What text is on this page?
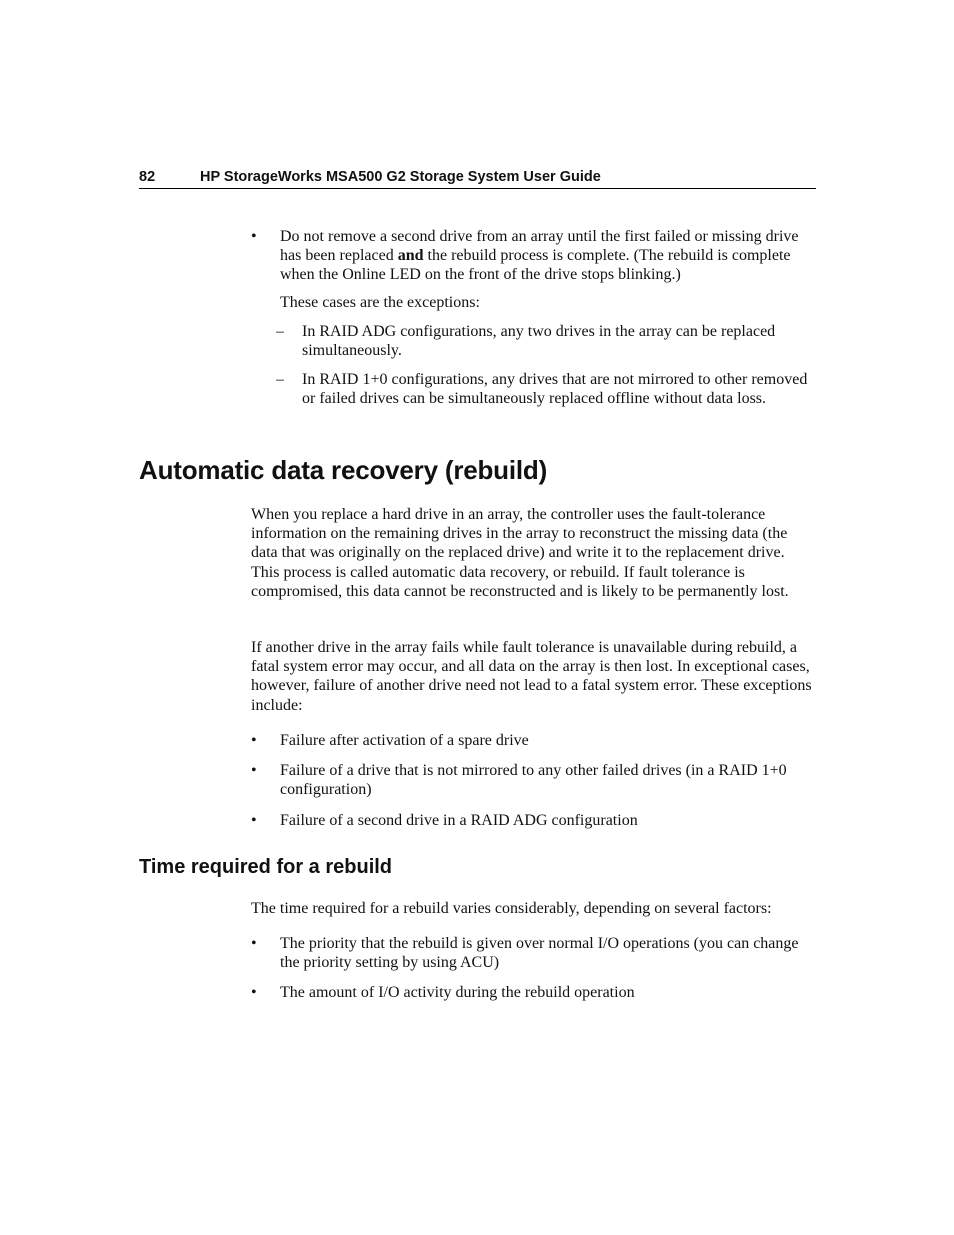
82	HP StorageWorks MSA500 G2 Storage System User Guide
• Do not remove a second drive from an array until the first failed or missing drive has been replaced and the rebuild process is complete. (The rebuild is complete when the Online LED on the front of the drive stops blinking.)
These cases are the exceptions:
– In RAID ADG configurations, any two drives in the array can be replaced simultaneously.
– In RAID 1+0 configurations, any drives that are not mirrored to other removed or failed drives can be simultaneously replaced offline without data loss.
Automatic data recovery (rebuild)

When you replace a hard drive in an array, the controller uses the fault-tolerance information on the remaining drives in the array to reconstruct the missing data (the data that was originally on the replaced drive) and write it to the replacement drive. This process is called automatic data recovery, or rebuild. If fault tolerance is compromised, this data cannot be reconstructed and is likely to be permanently lost.

If another drive in the array fails while fault tolerance is unavailable during rebuild, a fatal system error may occur, and all data on the array is then lost. In exceptional cases, however, failure of another drive need not lead to a fatal system error. These exceptions include:

• Failure after activation of a spare drive
• Failure of a drive that is not mirrored to any other failed drives (in a RAID 1+0 configuration)
• Failure of a second drive in a RAID ADG configuration
Time required for a rebuild

The time required for a rebuild varies considerably, depending on several factors:

• The priority that the rebuild is given over normal I/O operations (you can change the priority setting by using ACU)
• The amount of I/O activity during the rebuild operation
